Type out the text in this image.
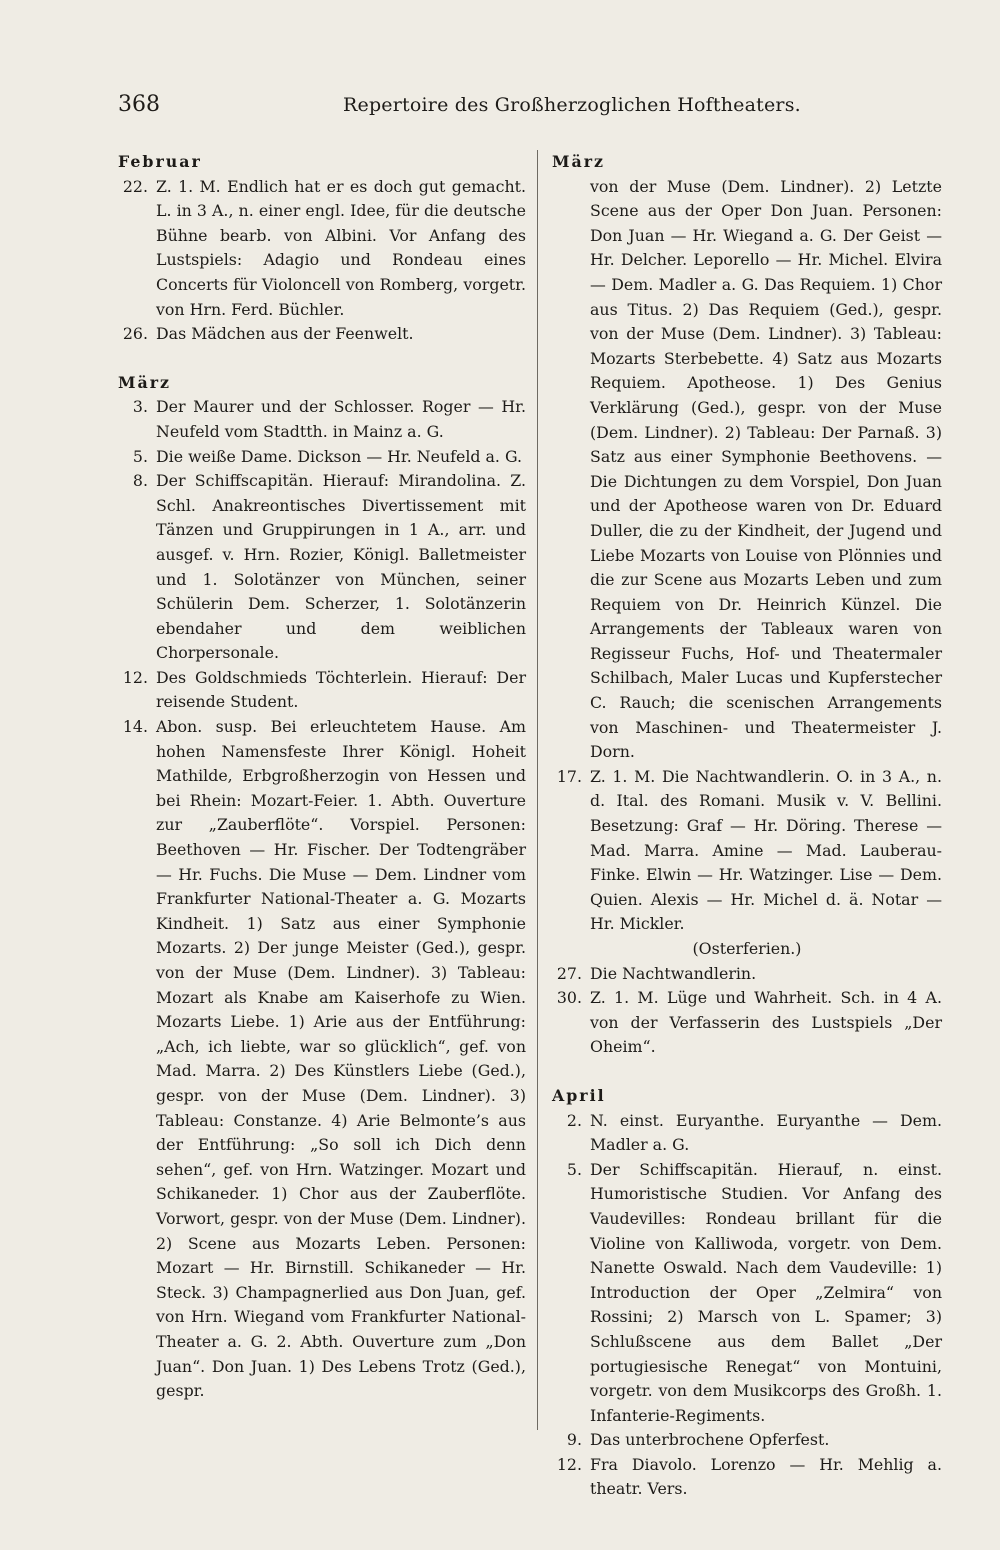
368	Repertoire des Großherzoglichen Hoftheaters.
Februar
22. Z. 1. M. Endlich hat er es doch gut gemacht. L. in 3 A., n. einer engl. Idee, für die deutsche Bühne bearb. von Albini. Vor Anfang des Lustspiels: Adagio und Rondeau eines Concerts für Violoncell von Romberg, vorgetr. von Hrn. Ferd. Büchler.
26. Das Mädchen aus der Feenwelt.
März
3. Der Maurer und der Schlosser. Roger — Hr. Neufeld vom Stadtth. in Mainz a. G.
5. Die weiße Dame. Dickson — Hr. Neufeld a. G.
8. Der Schiffscapitän. Hierauf: Mirandolina. Z. Schl. Anakreontisches Divertissement mit Tänzen und Gruppirungen in 1 A., arr. und ausgef. v. Hrn. Rozier, Königl. Balletmeister und 1. Solotänzer von München, seiner Schülerin Dem. Scherzer, 1. Solotänzerin ebendaher und dem weiblichen Chorpersonale.
12. Des Goldschmieds Töchterlein. Hierauf: Der reisende Student.
14. Abon. susp. Bei erleuchtetem Hause. Am hohen Namensfeste Ihrer Königl. Hoheit Mathilde, Erbgroßherzogin von Hessen und bei Rhein: Mozart-Feier. 1. Abth. Ouverture zur „Zauberflöte“. Vorspiel. Personen: Beethoven — Hr. Fischer. Der Todtengräber — Hr. Fuchs. Die Muse — Dem. Lindner vom Frankfurter National-Theater a. G. Mozarts Kindheit. 1) Satz aus einer Symphonie Mozarts. 2) Der junge Meister (Ged.), gespr. von der Muse (Dem. Lindner). 3) Tableau: Mozart als Knabe am Kaiserhofe zu Wien. Mozarts Liebe. 1) Arie aus der Entführung: „Ach, ich liebte, war so glücklich“, gef. von Mad. Marra. 2) Des Künstlers Liebe (Ged.), gespr. von der Muse (Dem. Lindner). 3) Tableau: Constanze. 4) Arie Belmonte’s aus der Entführung: „So soll ich Dich denn sehen“, gef. von Hrn. Watzinger. Mozart und Schikaneder. 1) Chor aus der Zauberflöte. Vorwort, gespr. von der Muse (Dem. Lindner). 2) Scene aus Mozarts Leben. Personen: Mozart — Hr. Birnstill. Schikaneder — Hr. Steck. 3) Champagnerlied aus Don Juan, gef. von Hrn. Wiegand vom Frankfurter National-Theater a. G. 2. Abth. Ouverture zum „Don Juan“. Don Juan. 1) Des Lebens Trotz (Ged.), gespr.
März
von der Muse (Dem. Lindner). 2) Letzte Scene aus der Oper Don Juan. Personen: Don Juan — Hr. Wiegand a. G. Der Geist — Hr. Delcher. Leporello — Hr. Michel. Elvira — Dem. Madler a. G. Das Requiem. 1) Chor aus Titus. 2) Das Requiem (Ged.), gespr. von der Muse (Dem. Lindner). 3) Tableau: Mozarts Sterbebette. 4) Satz aus Mozarts Requiem. Apotheose. 1) Des Genius Verklärung (Ged.), gespr. von der Muse (Dem. Lindner). 2) Tableau: Der Parnaß. 3) Satz aus einer Symphonie Beethovens. — Die Dichtungen zu dem Vorspiel, Don Juan und der Apotheose waren von Dr. Eduard Duller, die zu der Kindheit, der Jugend und Liebe Mozarts von Louise von Plönnies und die zur Scene aus Mozarts Leben und zum Requiem von Dr. Heinrich Künzel. Die Arrangements der Tableaux waren von Regisseur Fuchs, Hof- und Theatermaler Schilbach, Maler Lucas und Kupferstecher C. Rauch; die scenischen Arrangements von Maschinen- und Theatermeister J. Dorn.
17. Z. 1. M. Die Nachtwandlerin. O. in 3 A., n. d. Ital. des Romani. Musik v. V. Bellini. Besetzung: Graf — Hr. Döring. Therese — Mad. Marra. Amine — Mad. Lauberau-Finke. Elwin — Hr. Watzinger. Lise — Dem. Quien. Alexis — Hr. Michel d. ä. Notar — Hr. Mickler.
(Osterferien.)
27. Die Nachtwandlerin.
30. Z. 1. M. Lüge und Wahrheit. Sch. in 4 A. von der Verfasserin des Lustspiels „Der Oheim“.
April
2. N. einst. Euryanthe. Euryanthe — Dem. Madler a. G.
5. Der Schiffscapitän. Hierauf, n. einst. Humoristische Studien. Vor Anfang des Vaudevilles: Rondeau brillant für die Violine von Kalliwoda, vorgetr. von Dem. Nanette Oswald. Nach dem Vaudeville: 1) Introduction der Oper „Zelmira“ von Rossini; 2) Marsch von L. Spamer; 3) Schlußscene aus dem Ballet „Der portugiesische Renegat“ von Montuini, vorgetr. von dem Musikcorps des Großh. 1. Infanterie-Regiments.
9. Das unterbrochene Opferfest.
12. Fra Diavolo. Lorenzo — Hr. Mehlig a. theatr. Vers.
